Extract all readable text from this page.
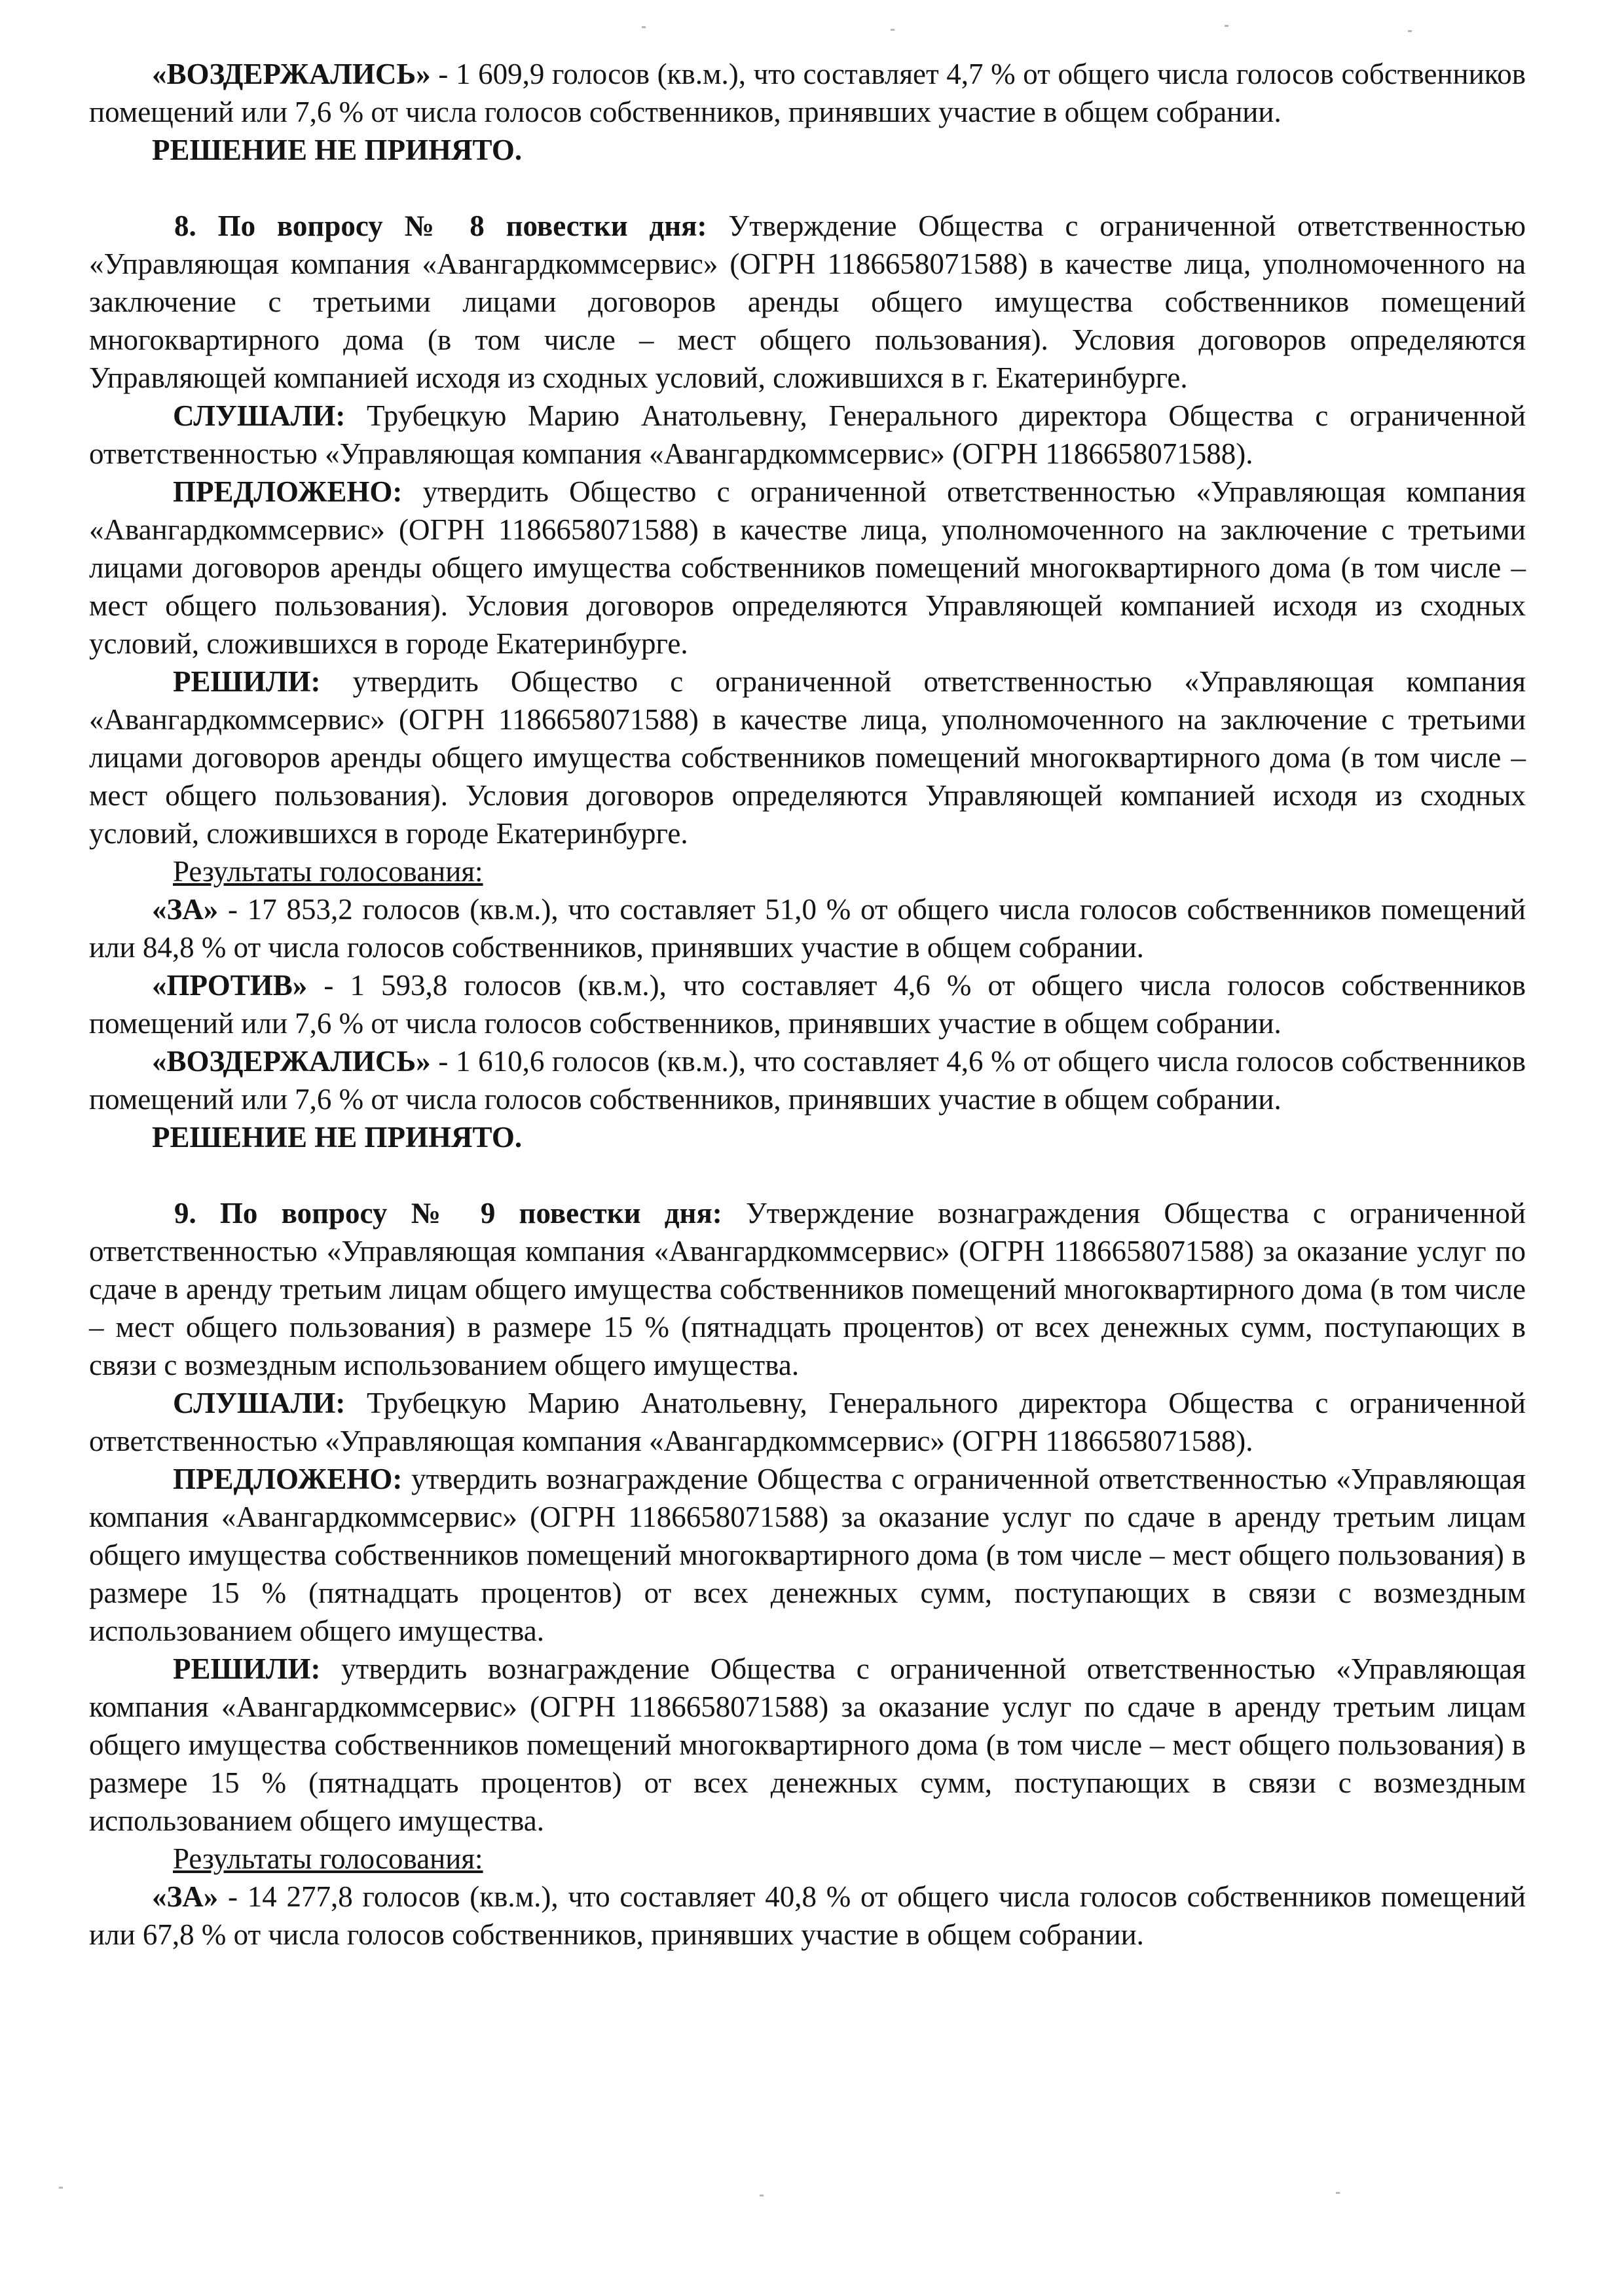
«ВОЗДЕРЖАЛИСЬ» - 1 609,9 голосов (кв.м.), что составляет 4,7 % от общего числа голосов собственников помещений или 7,6 % от числа голосов собственников, принявших участие в общем собрании.

РЕШЕНИЕ НЕ ПРИНЯТО.

8. По вопросу № 8 повестки дня: Утверждение Общества с ограниченной ответственностью «Управляющая компания «Авангардкоммсервис» (ОГРН 1186658071588) в качестве лица, уполномоченного на заключение с третьими лицами договоров аренды общего имущества собственников помещений многоквартирного дома (в том числе – мест общего пользования). Условия договоров определяются Управляющей компанией исходя из сходных условий, сложившихся в г. Екатеринбурге.

СЛУШАЛИ: Трубецкую Марию Анатольевну, Генерального директора Общества с ограниченной ответственностью «Управляющая компания «Авангардкоммсервис» (ОГРН 1186658071588).

ПРЕДЛОЖЕНО: утвердить Общество с ограниченной ответственностью «Управляющая компания «Авангардкоммсервис» (ОГРН 1186658071588) в качестве лица, уполномоченного на заключение с третьими лицами договоров аренды общего имущества собственников помещений многоквартирного дома (в том числе – мест общего пользования). Условия договоров определяются Управляющей компанией исходя из сходных условий, сложившихся в городе Екатеринбурге.

РЕШИЛИ: утвердить Общество с ограниченной ответственностью «Управляющая компания «Авангардкоммсервис» (ОГРН 1186658071588) в качестве лица, уполномоченного на заключение с третьими лицами договоров аренды общего имущества собственников помещений многоквартирного дома (в том числе – мест общего пользования). Условия договоров определяются Управляющей компанией исходя из сходных условий, сложившихся в городе Екатеринбурге.

Результаты голосования:

«ЗА» - 17 853,2 голосов (кв.м.), что составляет 51,0 % от общего числа голосов собственников помещений или 84,8 % от числа голосов собственников, принявших участие в общем собрании.

«ПРОТИВ» - 1 593,8 голосов (кв.м.), что составляет 4,6 % от общего числа голосов собственников помещений или 7,6 % от числа голосов собственников, принявших участие в общем собрании.

«ВОЗДЕРЖАЛИСЬ» - 1 610,6 голосов (кв.м.), что составляет 4,6 % от общего числа голосов собственников помещений или 7,6 % от числа голосов собственников, принявших участие в общем собрании.

РЕШЕНИЕ НЕ ПРИНЯТО.

9. По вопросу № 9 повестки дня: Утверждение вознаграждения Общества с ограниченной ответственностью «Управляющая компания «Авангардкоммсервис» (ОГРН 1186658071588) за оказание услуг по сдаче в аренду третьим лицам общего имущества собственников помещений многоквартирного дома (в том числе – мест общего пользования) в размере 15 % (пятнадцать процентов) от всех денежных сумм, поступающих в связи с возмездным использованием общего имущества.

СЛУШАЛИ: Трубецкую Марию Анатольевну, Генерального директора Общества с ограниченной ответственностью «Управляющая компания «Авангардкоммсервис» (ОГРН 1186658071588).

ПРЕДЛОЖЕНО: утвердить вознаграждение Общества с ограниченной ответственностью «Управляющая компания «Авангардкоммсервис» (ОГРН 1186658071588) за оказание услуг по сдаче в аренду третьим лицам общего имущества собственников помещений многоквартирного дома (в том числе – мест общего пользования) в размере 15 % (пятнадцать процентов) от всех денежных сумм, поступающих в связи с возмездным использованием общего имущества.

РЕШИЛИ: утвердить вознаграждение Общества с ограниченной ответственностью «Управляющая компания «Авангардкоммсервис» (ОГРН 1186658071588) за оказание услуг по сдаче в аренду третьим лицам общего имущества собственников помещений многоквартирного дома (в том числе – мест общего пользования) в размере 15 % (пятнадцать процентов) от всех денежных сумм, поступающих в связи с возмездным использованием общего имущества.

Результаты голосования:

«ЗА» - 14 277,8 голосов (кв.м.), что составляет 40,8 % от общего числа голосов собственников помещений или 67,8 % от числа голосов собственников, принявших участие в общем собрании.
